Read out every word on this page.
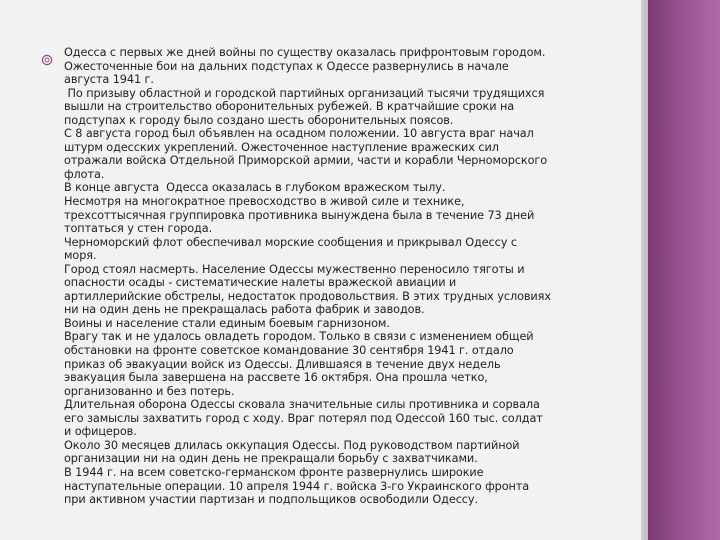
Одесса с первых же дней войны по существу оказалась прифронтовым городом.
Ожесточенные бои на дальних подступах к Одессе развернулись в начале
августа 1941 г.
По призыву областной и городской партийных организаций тысячи трудящихся
вышли на строительство оборонительных рубежей. В кратчайшие сроки на
подступах к городу было создано шесть оборонительных поясов.
С 8 августа город был объявлен на осадном положении. 10 августа враг начал
штурм одесских укреплений. Ожесточенное наступление вражеских сил
отражали войска Отдельной Приморской армии, части и корабли Черноморского
флота.
В конце августа  Одесса оказалась в глубоком вражеском тылу.
Несмотря на многократное превосходство в живой силе и технике,
трехсоттысячная группировка противника вынуждена была в течение 73 дней
топтаться у стен города.
Черноморский флот обеспечивал морские сообщения и прикрывал Одессу с
моря.
Город стоял насмерть. Население Одессы мужественно переносило тяготы и
опасности осады - систематические налеты вражеской авиации и
артиллерийские обстрелы, недостаток продовольствия. В этих трудных условиях
ни на один день не прекращалась работа фабрик и заводов.
Воины и население стали единым боевым гарнизоном.
Врагу так и не удалось овладеть городом. Только в связи с изменением общей
обстановки на фронте советское командование 30 сентября 1941 г. отдало
приказ об эвакуации войск из Одессы. Длившаяся в течение двух недель
эвакуация была завершена на рассвете 16 октября. Она прошла четко,
организованно и без потерь.
Длительная оборона Одессы сковала значительные силы противника и сорвала
его замыслы захватить город с ходу. Враг потерял под Одессой 160 тыс. солдат
и офицеров.
Около 30 месяцев длилась оккупация Одессы. Под руководством партийной
организации ни на один день не прекращали борьбу с захватчиками.
В 1944 г. на всем советско-германском фронте развернулись широкие
наступательные операции. 10 апреля 1944 г. войска 3-го Украинского фронта
при активном участии партизан и подпольщиков освободили Одессу.
